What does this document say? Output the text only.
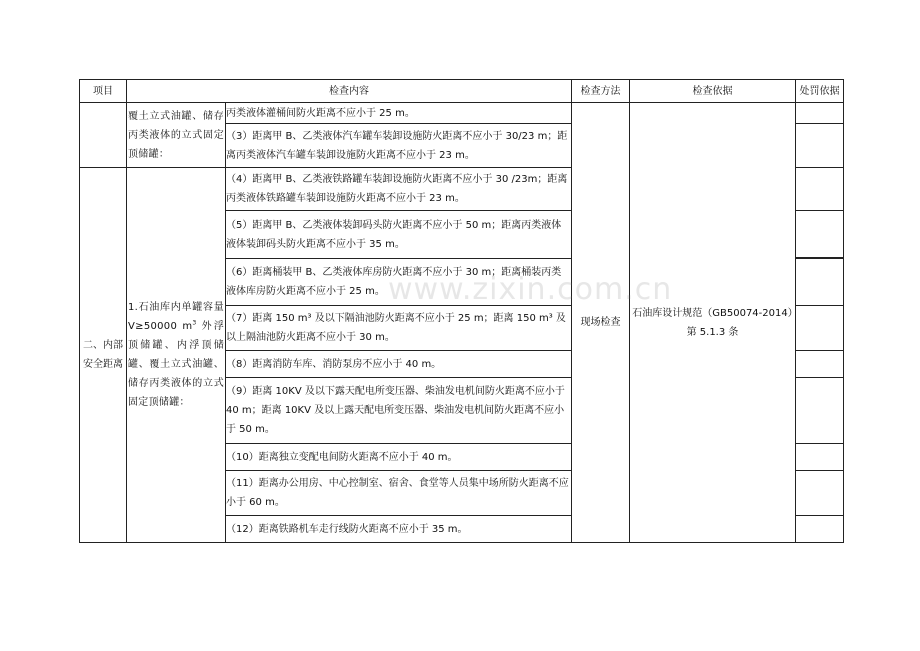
项目	检查内容		检查方法	检查依据	处罚依据

	覆土立式油罐、储存丙类液体的立式固定顶储罐：	丙类液体灌桶间防火距离不应小于 25 m。	现场检查	石油库设计规范（GB50074-2014）第 5.1.3 条	
		（3）距离甲 B、乙类液体汽车罐车装卸设施防火距离不应小于 30/23 m；距离丙类液体汽车罐车装卸设施防火距离不应小于 23 m。			
二、内部安全距离	1.石油库内单罐容量 V≥50000 $m^3$ 外浮顶储罐、内浮顶储罐、覆土立式油罐、储存丙类液体的立式固定顶储罐：	（4）距离甲 B、乙类液铁路罐车装卸设施防火距离不应小于 30 /23m；距离丙类液体铁路罐车装卸设施防火距离不应小于 23 m。			
		（5）距离甲 B、乙类液体装卸码头防火距离不应小于 50 m；距离丙类液体液体装卸码头防火距离不应小于 35 m。			

		（6）距离桶装甲 B、乙类液体库房防火距离不应小于 30 m；距离桶装丙类液体库房防火距离不应小于 25 m。			
		（7）距离 150 m³ 及以下隔油池防火距离不应小于 25 m；距离 150 m³ 及以上隔油池防火距离不应小于 30 m。			
		（8）距离消防车库、消防泵房不应小于 40 m。			
		（9）距离 10KV 及以下露天配电所变压器、柴油发电机间防火距离不应小于 40 m；距离 10KV 及以上露天配电所变压器、柴油发电机间防火距离不应小于 50 m。			
		（10）距离独立变配电间防火距离不应小于 40 m。			
		（11）距离办公用房、中心控制室、宿舍、食堂等人员集中场所防火距离不应小于 60 m。			
		（12）距离铁路机车走行线防火距离不应小于 35 m。			
www.zixin.com.cn
